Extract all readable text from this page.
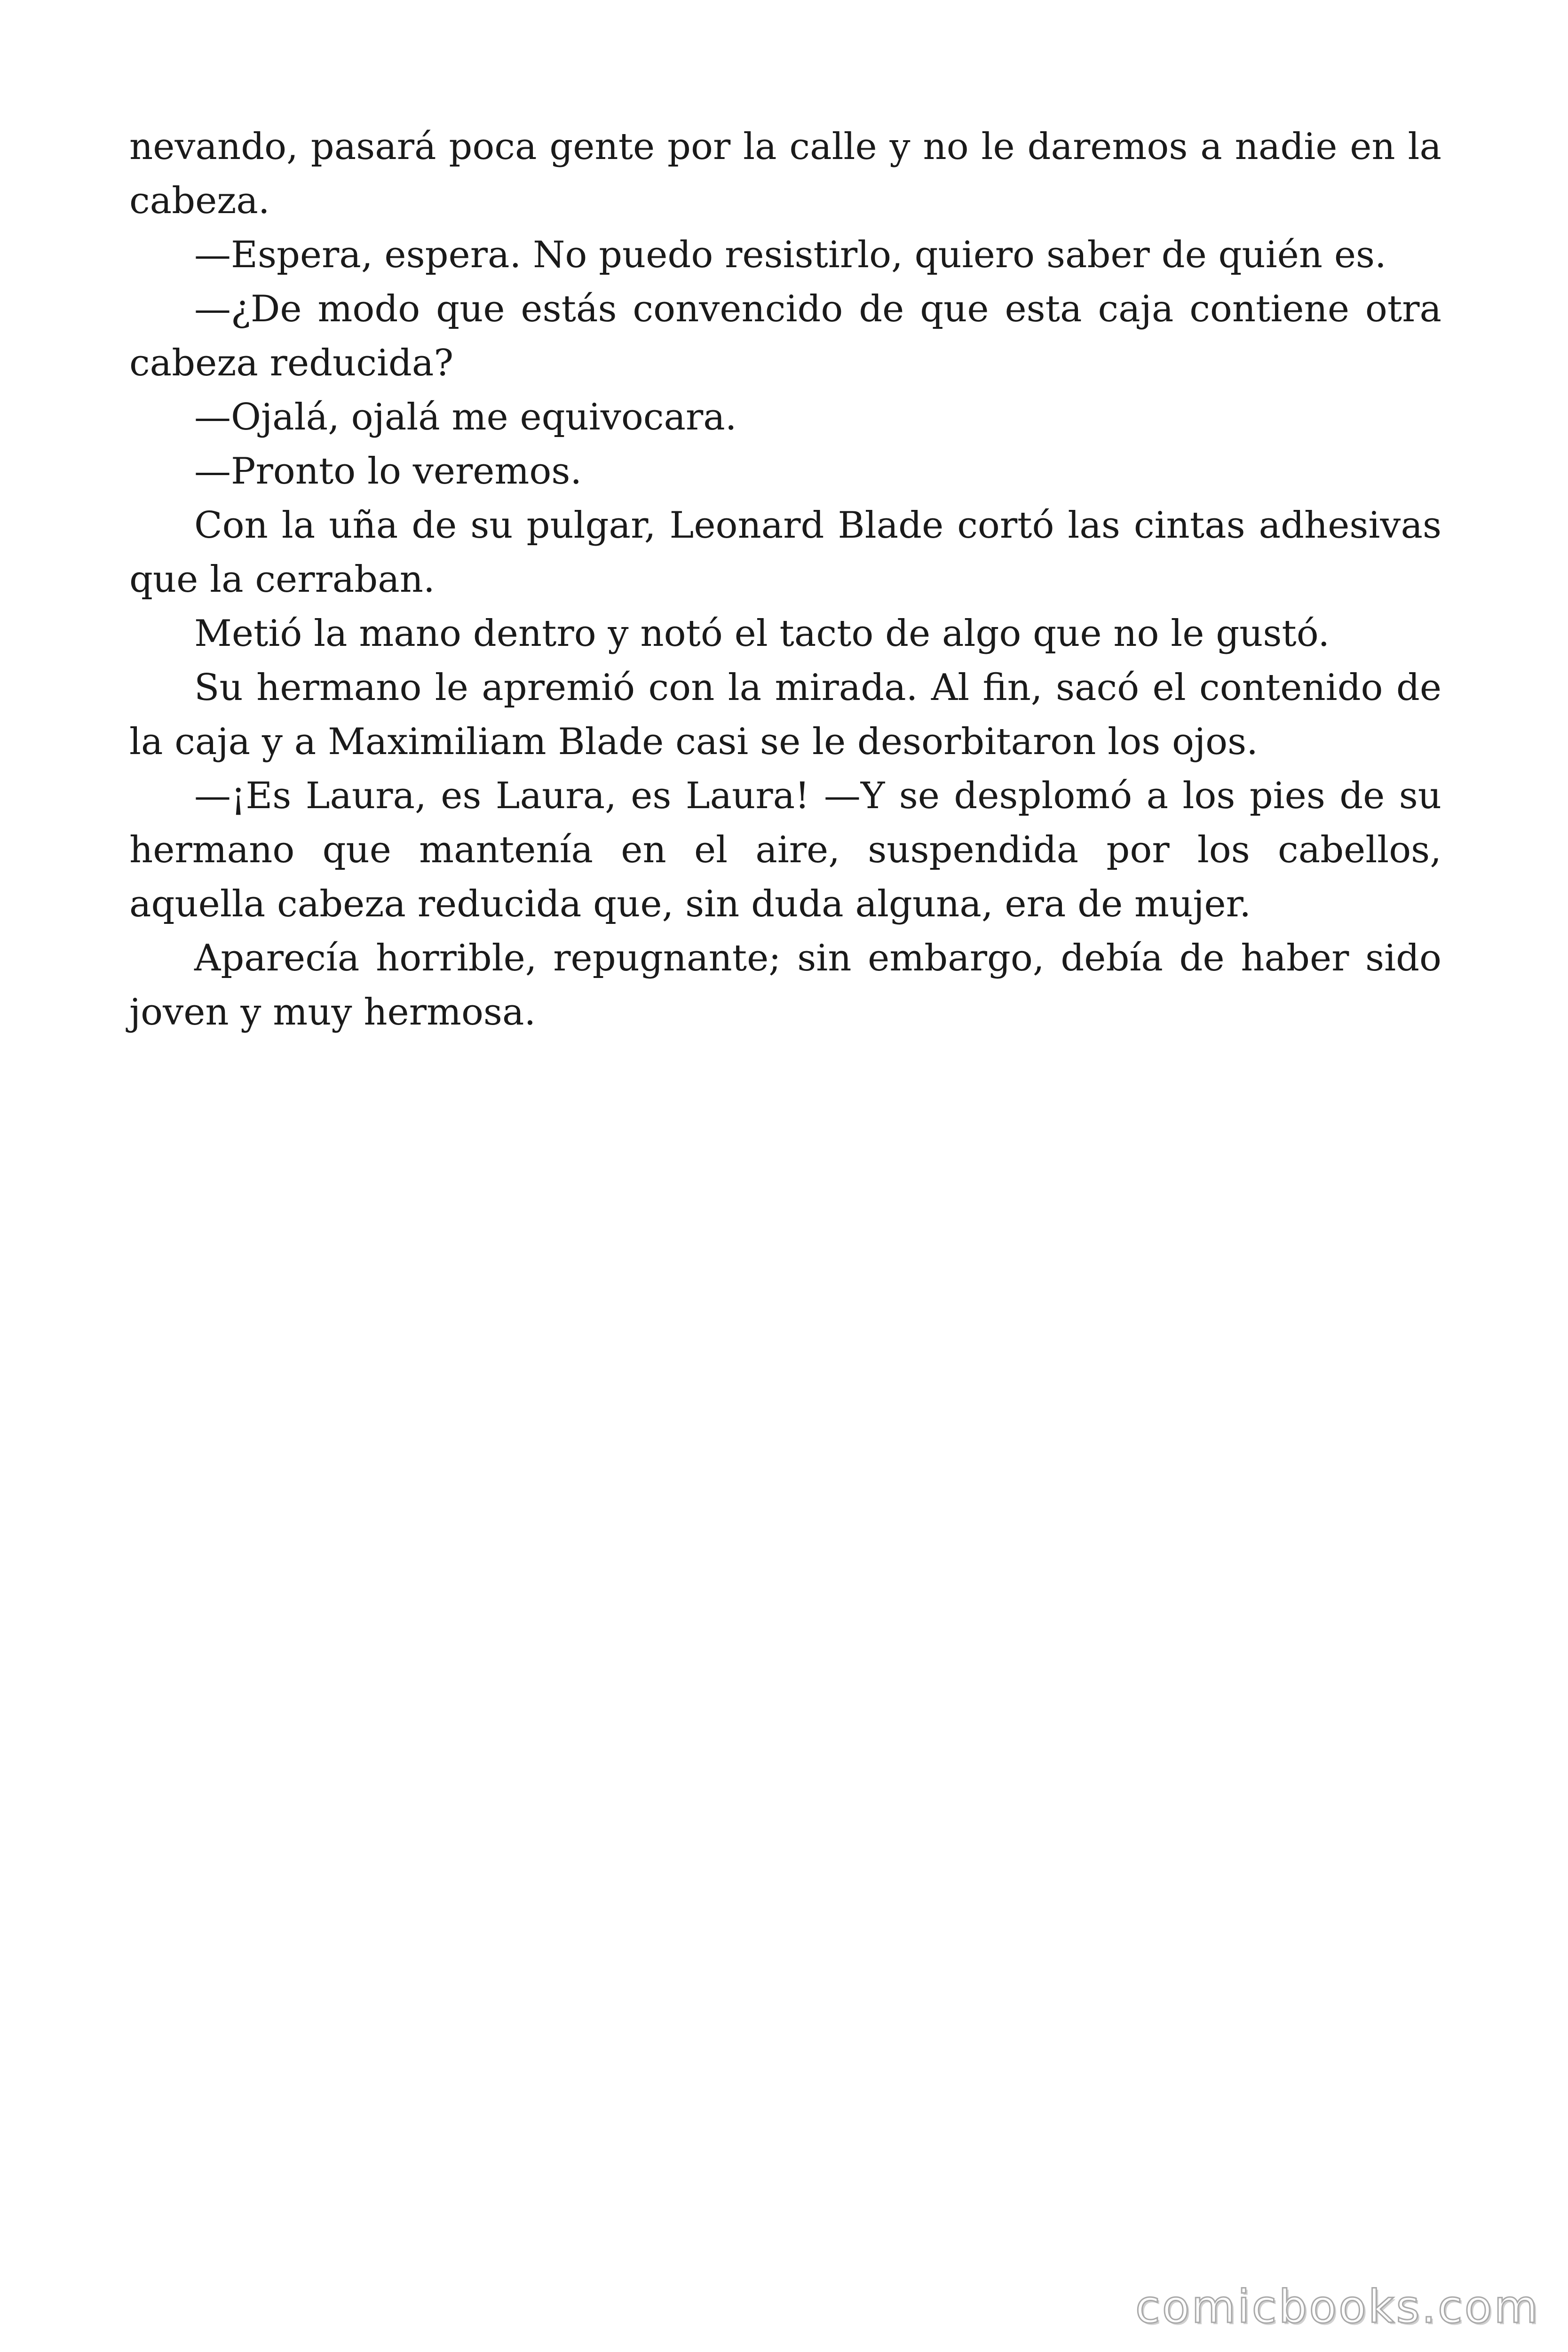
nevando, pasará poca gente por la calle y no le daremos a nadie en la cabeza.

—Espera, espera. No puedo resistirlo, quiero saber de quién es.

—¿De modo que estás convencido de que esta caja contiene otra cabeza reducida?

—Ojalá, ojalá me equivocara.

—Pronto lo veremos.

Con la uña de su pulgar, Leonard Blade cortó las cintas adhesivas que la cerraban.

Metió la mano dentro y notó el tacto de algo que no le gustó.

Su hermano le apremió con la mirada. Al fin, sacó el contenido de la caja y a Maximiliam Blade casi se le desorbitaron los ojos.

—¡Es Laura, es Laura, es Laura! —Y se desplomó a los pies de su hermano que mantenía en el aire, suspendida por los cabellos, aquella cabeza reducida que, sin duda alguna, era de mujer.

Aparecía horrible, repugnante; sin embargo, debía de haber sido joven y muy hermosa.

comicbooks.com
